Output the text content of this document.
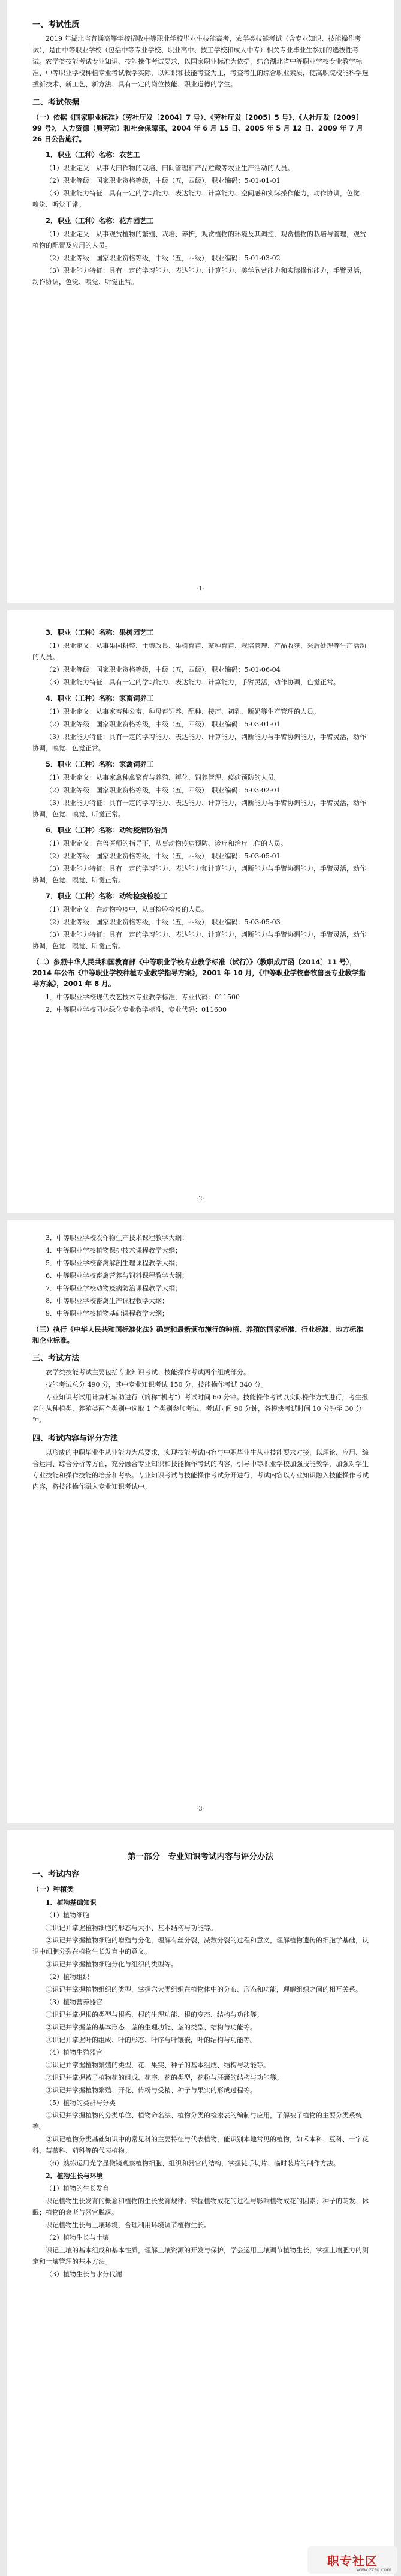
一、考试性质

2019 年湖北省普通高等学校招收中等职业学校毕业生技能高考，农学类技能考试（含专业知识、技能操作考试），是由中等职业学校（包括中等专业学校、职业高中、技工学校和成人中专）相关专业毕业生参加的选拔性考试。农学类技能考试专业知识、技能操作考试要求，以国家职业标准为依据，结合湖北省中等职业学校专业教学标准、中等职业学校种植专业考试教学实际，以知识和技能考查为主，考查考生的综合职业素质，使高职院校能科学选拔新技术、新工艺、新方法、具有一定的岗位技能、职业道德的学生。

二、考试依据
（一）依据《国家职业标准》（劳社厅发〔2004〕7 号）、《劳社厅发〔2005〕5 号》、《人社厅发〔2009〕99 号》，人力资源（原劳动）和社会保障部，2004 年 6 月 15 日、2005 年 5 月 12 日、2009 年 7 月 26 日公告施行。
1．职业（工种）名称：农艺工

（1）职业定义：从事大田作物的栽培、田间管理和产品贮藏等农业生产活动的人员。

（2）职业等级：国家职业资格等级，中级（五，四级），职业编码：5-01-01-01

（3）职业能力特征：具有一定的学习能力、表达能力、计算能力、空间感和实际操作能力，动作协调，色觉、嗅觉、听觉正常。

2．职业（工种）名称：花卉园艺工

（1）职业定义：从事观赏植物的繁殖、栽培、养护，观赏植物的环境及其调控，观赏植物的栽培与管理，观赏植物的配置及应用的人员。

（2）职业等级：国家职业资格等级，中级（五，四级），职业编码：5-01-03-02

（3）职业能力特征：具有一定的学习能力、表达能力、计算能力、美学欣赏能力和实际操作能力，手臂灵活，动作协调，色觉、嗅觉、听觉正常。

-1-
3．职业（工种）名称：果树园艺工

（1）职业定义：从事果园耕整、土壤改良、果树育苗、繁种育苗、栽培管理、产品收获、采后处理等生产活动的人员。

（2）职业等级：国家职业资格等级，中级（五，四级），职业编码：5-01-06-04

（3）职业能力特征：具有一定的学习能力、表达能力、计算能力，手臂灵活，动作协调，色觉正常。

4．职业（工种）名称：家畜饲养工

（1）职业定义：从事家畜种公畜、种母畜饲养、配种、接产、初乳、断奶等生产管理的人员。

（2）职业等级：国家职业资格等级，中级（五，四级），职业编码：5-03-01-01

（3）职业能力特征：具有一定的学习能力、表达能力、计算能力，判断能力与手臂协调能力，手臂灵活，动作协调，嗅觉、色觉正常。

5．职业（工种）名称：家禽饲养工

（1）职业定义：从事家禽种禽繁育与养殖、孵化、饲养管理、疫病预防的人员。

（2）职业等级：国家职业资格等级，中级（五，四级），职业编码：5-03-02-01

（3）职业能力特征：具有一定的学习能力、表达能力、计算能力，判断能力与手臂协调能力，手臂灵活，动作协调，色觉、嗅觉、听觉正常。

6．职业（工种）名称：动物疫病防治员

（1）职业定义：在兽医师的指导下，从事动物疫病预防、诊疗和治疗工作的人员。

（2）职业等级：国家职业资格等级，中级（五，四级），职业编码：5-03-05-01

（3）职业能力特征：具有一定的学习能力、表达能力和计算能力，判断能力与手臂协调能力，手臂灵活，动作协调，色觉、嗅觉、听觉正常。

7．职业（工种）名称：动物检疫检验工

（1）职业定义：在动物检疫中，从事检验检疫的人员。

（2）职业等级：国家职业资格等级，中级（五，四级），职业编码：5-03-05-03

（3）职业能力特征：具有一定的学习能力、表达能力、计算能力，判断能力与手臂协调能力，手臂灵活，动作协调，色觉、嗅觉、听觉正常。

（二）参照中华人民共和国教育部《中等职业学校专业教学标准（试行）》（教职成厅函〔2014〕11 号），2014 年公布《中等职业学校种植专业教学指导方案》，2001 年 10 月，《中等职业学校畜牧兽医专业教学指导方案》，2001 年 8 月。

1．中等职业学校现代农艺技术专业教学标准，专业代码：011500

2．中等职业学校园林绿化专业教学标准，专业代码：011600

-2-

3．中等职业学校农作物生产技术课程教学大纲；

4．中等职业学校植物保护技术课程教学大纲；

5．中等职业学校畜禽解剖生理课程教学大纲；

6．中等职业学校畜禽营养与饲料课程教学大纲；

7．中等职业学校动物疫病防治课程教学大纲；

8．中等职业学校畜禽生产课程教学大纲；

9．中等职业学校植物基础课程教学大纲；

（三）执行《中华人民共和国标准化法》确定和最新颁布施行的种植、养殖的国家标准、行业标准、地方标准和企业标准。
三、考试方法

农学类技能考试主要包括专业知识考试、技能操作考试两个组成部分。

技能考试总分 490 分，其中专业知识考试 150 分，技能操作考试 340 分。

专业知识考试用计算机辅助进行（简称“机考”）考试时间 60 分钟。技能操作考试以实际操作方式进行，考生报名时从种植类、养殖类两个类别中选取 1 个类别参加考试，考试时间 90 分钟，各模块考试时间 10 分钟至 30 分钟。

四、考试内容与评分方法

以形成的中职毕业生从业能力为总要求，实现技能考试内容与中职毕业生从业技能要求对接，以理论、应用、综合运用、综合分析等方面，充分融合专业知识和技能操作考试的内容，引导中等职业学校加强技能教学，加强对学生专业技能和操作技能的培养和考核。专业知识考试与技能操作考试分开进行，考试内容以专业知识融入技能操作考试内容，将技能操作融入专业知识考试中。

-3-
第一部分　专业知识考试内容与评分办法
一、考试内容
（一）种植类

1．植物基础知识

（1）植物细胞

①识记并掌握植物细胞的形态与大小、基本结构与功能等。

②识记并掌握植物细胞的增殖与分化，理解有丝分裂、减数分裂的过程和意义，理解植物遗传的细胞学基础，认识中细胞分裂在植物生长发育中的意义。

③识记并掌握植物细胞分化与组织的类型等。

（2）植物组织

①识记并掌握植物组织的类型，掌握六大类组织在植物体中的分布、形态和功能，理解组织之间的相互关系。

（3）植物营养器官

①识记并掌握根的类型与根系、根的生理功能、根的变态、结构与功能等。

②识记并掌握茎的基本形态、茎的生理功能、茎的类型、结构与功能等。

③识记并掌握叶的组成、叶的形态、叶序与叶镶嵌，叶的结构与功能等。

（4）植物生殖器官

①识记并掌握植物繁殖的类型，花、果实、种子的基本组成、结构与功能等。

②识记并掌握被子植物花的组成、花序、花的类型，花粉与胚囊的结构与功能等。

③识记并掌握植物繁殖、开花、传粉与受精、种子与果实的形成过程等。

（5）植物的类群与分类

①识记并掌握植物的分类单位、植物命名法、植物分类的检索表的编制与应用，了解被子植物的主要分类系统等。

②识记植物分类基础知识中的常见科的主要特征与代表植物，能识别本地常见的植物，如禾本科、豆科、十字花科、蔷薇科、茄科等的代表植物。

（6）熟练运用光学显微镜观察植物细胞、组织和器官的结构，掌握徒手切片、临时装片的制作方法。

2．植物生长与环境

（1）植物的生长发育

识记植物生长发育的概念和植物的生长发育规律；掌握植物成花的过程与影响植物成花的因素；种子的萌发、休眠；植物的衰老与器官脱落。

识记植物生长与土壤环境，合理利用环境调节植物生长。

（2）植物生长与土壤

识记土壤的基本组成和基本性质，理解土壤资源的开发与保护，学会运用土壤调节植物生长，掌握土壤肥力的测定和土壤管理的基本方法。

（3）植物生长与水分代谢

职专社区
www.zzsq.com
